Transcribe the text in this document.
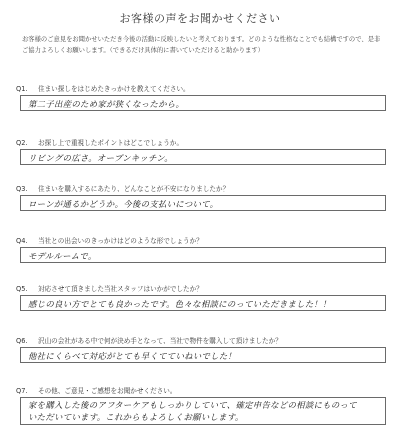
お客様の声をお聞かせください
お客様のご意見をお聞かせいただき今後の活動に反映したいと考えております。どのような性格なことでも結構ですので、是非ご協力よろしくお願いします。（できるだけ具体的に書いていただけると助かります）
Q1. 住まい探しをはじめたきっかけを教えてください。
第二子出産のため家が狭くなったから。
Q2. お探し上で重視したポイントはどこでしょうか。
リビングの広さ。オープンキッチン。
Q3. 住まいを購入するにあたり、どんなことが不安になりましたか？
ローンが通るかどうか。今後の支払いについて。
Q4. 当社との出会いのきっかけはどのような形でしょうか？
モデルルームで。
Q5. 対応させて頂きました当社スタッフはいかがでしたか？
感じの良い方でとても良かったです。色々な相談にのっていただきました！！
Q6. 沢山の会社がある中で何が決め手となって、当社で物件を購入して頂けましたか？
他社にくらべて対応がとても早くてていねいでした！
Q7. その他、ご意見・ご感想をお聞かせください。
家を購入した後のアフターケアもしっかりしていて、確定申告などの相談にものって
いただいています。これからもよろしくお願いします。
